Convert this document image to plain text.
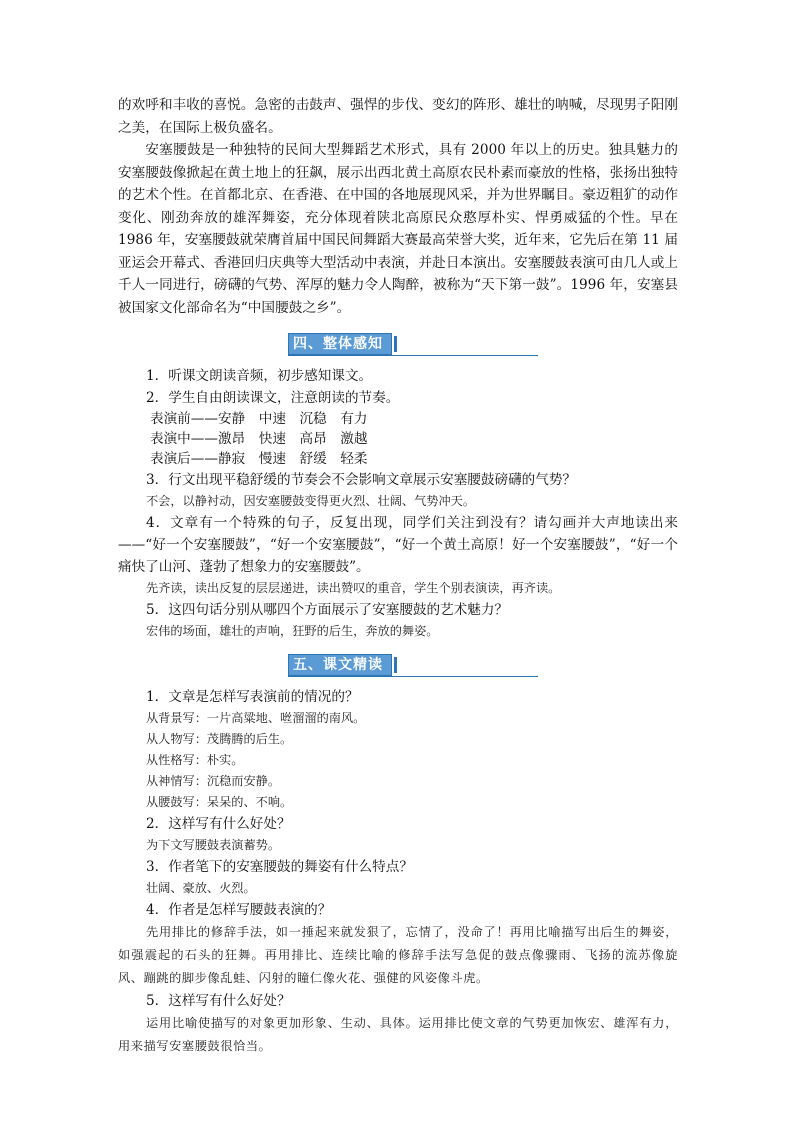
的欢呼和丰收的喜悦。急密的击鼓声、强悍的步伐、变幻的阵形、雄壮的呐喊，尽现男子阳刚之美，在国际上极负盛名。

安塞腰鼓是一种独特的民间大型舞蹈艺术形式，具有 2000 年以上的历史。独具魅力的安塞腰鼓像掀起在黄土地上的狂飙，展示出西北黄土高原农民朴素而豪放的性格，张扬出独特的艺术个性。在首都北京、在香港、在中国的各地展现风采，并为世界瞩目。豪迈粗犷的动作变化、刚劲奔放的雄浑舞姿，充分体现着陕北高原民众憨厚朴实、悍勇威猛的个性。早在 1986 年，安塞腰鼓就荣膺首届中国民间舞蹈大赛最高荣誉大奖，近年来，它先后在第 11 届亚运会开幕式、香港回归庆典等大型活动中表演，并赴日本演出。安塞腰鼓表演可由几人或上千人一同进行，磅礴的气势、浑厚的魅力令人陶醉，被称为“天下第一鼓”。1996 年，安塞县被国家文化部命名为“中国腰鼓之乡”。

四、整体感知

1．听课文朗读音频，初步感知课文。

2．学生自由朗读课文，注意朗读的节奏。

表演前——安静　中速　沉稳　有力

表演中——激昂　快速　高昂　激越

表演后——静寂　慢速　舒缓　轻柔

3．行文出现平稳舒缓的节奏会不会影响文章展示安塞腰鼓磅礴的气势？

不会，以静衬动，因安塞腰鼓变得更火烈、壮阔、气势冲天。

4．文章有一个特殊的句子，反复出现，同学们关注到没有？请勾画并大声地读出来——“好一个安塞腰鼓”，“好一个安塞腰鼓”，“好一个黄土高原！好一个安塞腰鼓”，“好一个痛快了山河、蓬勃了想象力的安塞腰鼓”。

先齐读，读出反复的层层递进，读出赞叹的重音，学生个别表演读，再齐读。

5．这四句话分别从哪四个方面展示了安塞腰鼓的艺术魅力？

宏伟的场面，雄壮的声响，狂野的后生，奔放的舞姿。

五、课文精读

1．文章是怎样写表演前的情况的？

从背景写：一片高粱地、咝溜溜的南风。

从人物写：茂腾腾的后生。

从性格写：朴实。

从神情写：沉稳而安静。

从腰鼓写：呆呆的、不响。

2．这样写有什么好处？

为下文写腰鼓表演蓄势。

3．作者笔下的安塞腰鼓的舞姿有什么特点？

壮阔、豪放、火烈。

4．作者是怎样写腰鼓表演的？

先用排比的修辞手法，如一捶起来就发狠了，忘情了，没命了！再用比喻描写出后生的舞姿，如强震起的石头的狂舞。再用排比、连续比喻的修辞手法写急促的鼓点像骤雨、飞扬的流苏像旋风、蹦跳的脚步像乱蛙、闪射的瞳仁像火花、强健的风姿像斗虎。

5．这样写有什么好处？

运用比喻使描写的对象更加形象、生动、具体。运用排比使文章的气势更加恢宏、雄浑有力，用来描写安塞腰鼓很恰当。
